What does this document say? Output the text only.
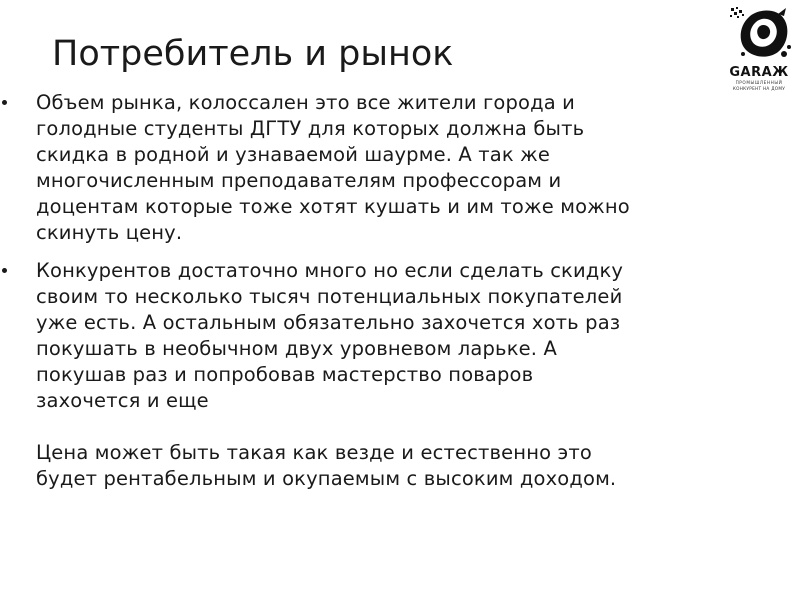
Потребитель и рынок	GARAЖ
ПРОМЫШЛЕННЫЙ
КОНКУРЕНТ НА ДОМУ

Объем рынка, колоссален это все жители города и
голодные студенты ДГТУ для которых должна быть
скидка в родной и узнаваемой шаурме. А так же
многочисленным преподавателям профессорам и
доцентам которые тоже хотят кушать и им тоже можно
скинуть цену.

Конкурентов достаточно много но если сделать скидку
своим то несколько тысяч потенциальных покупателей
уже есть. А остальным обязательно захочется хоть раз
покушать в необычном двух уровневом ларьке. А
покушав раз и попробовав мастерство поваров
захочется и еще

Цена может быть такая как везде и естественно это
будет рентабельным и окупаемым с высоким доходом.
